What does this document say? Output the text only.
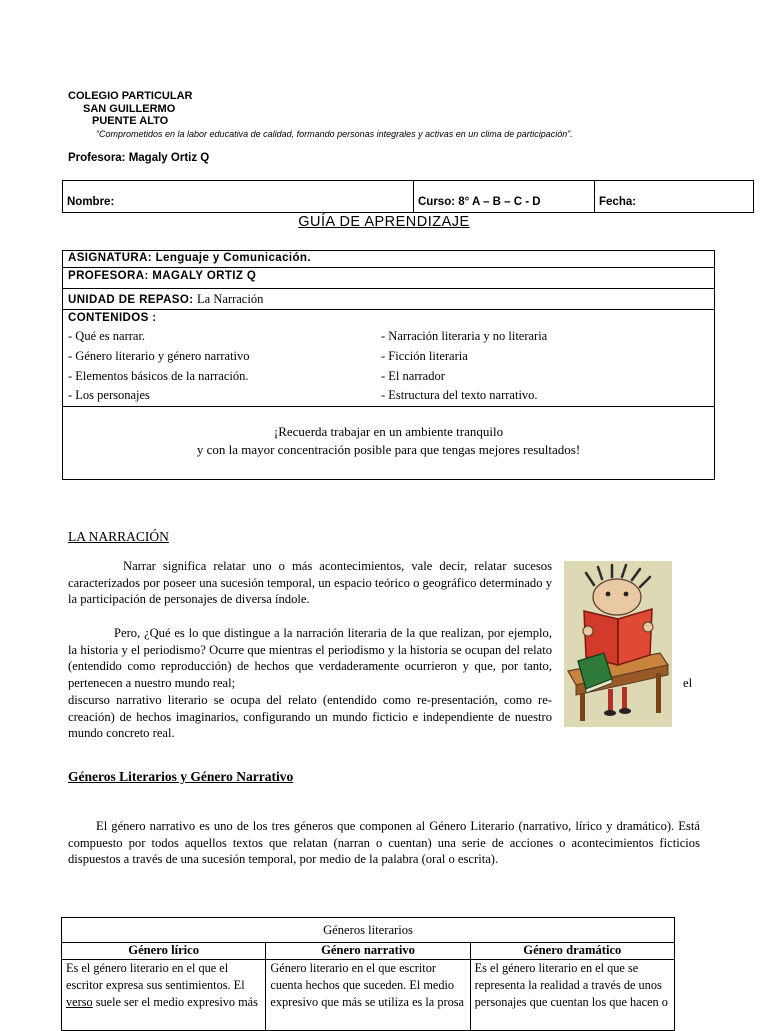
COLEGIO PARTICULAR
SAN GUILLERMO
PUENTE ALTO
“Comprometidos en la labor educativa de calidad, formando personas integrales y activas en un clima de participación”.
Profesora: Magaly Ortiz Q
Nombre:	Curso: 8° A – B – C - D	Fecha:
GUÍA DE APRENDIZAJE
ASIGNATURA: Lenguaje y Comunicación.
PROFESORA: MAGALY ORTIZ Q
UNIDAD DE REPASO: La Narración
CONTENIDOS :
- Qué es narrar.	- Narración literaria y no literaria
- Género literario y género narrativo	- Ficción literaria
- Elementos básicos de la narración.	- El narrador
- Los personajes	- Estructura del texto narrativo.
¡Recuerda trabajar en un ambiente tranquilo
y con la mayor concentración posible para que tengas mejores resultados!
LA NARRACIÓN
Narrar significa relatar uno o más acontecimientos, vale decir, relatar sucesos caracterizados por poseer una sucesión temporal, un espacio teórico o geográfico determinado y la participación de personajes de diversa índole.
Pero, ¿Qué es lo que distingue a la narración literaria de la que realizan, por ejemplo, la historia y el periodismo? Ocurre que mientras el periodismo y la historia se ocupan del relato (entendido como reproducción) de hechos que verdaderamente ocurrieron y que, por tanto, pertenecen a nuestro mundo real;	el
discurso narrativo literario se ocupa del relato (entendido como re-presentación, como re-creación) de hechos imaginarios, configurando un mundo ficticio e independiente de nuestro mundo concreto real.
Géneros Literarios y Género Narrativo
El género narrativo es uno de los tres géneros que componen al Género Literario (narrativo, lírico y dramático). Está compuesto por todos aquellos textos que relatan (narran o cuentan) una serie de acciones o acontecimientos ficticios dispuestos a través de una sucesión temporal, por medio de la palabra (oral o escrita).
Géneros literarios		
Género lírico	Género narrativo	Género dramático
Es el género literario en el que el escritor expresa sus sentimientos. El verso suele ser el medio expresivo más	Género literario en el que escritor cuenta hechos que suceden. El medio expresivo que más se utiliza es la prosa	Es el género literario en el que se representa la realidad a través de unos personajes que cuentan los que hacen o
